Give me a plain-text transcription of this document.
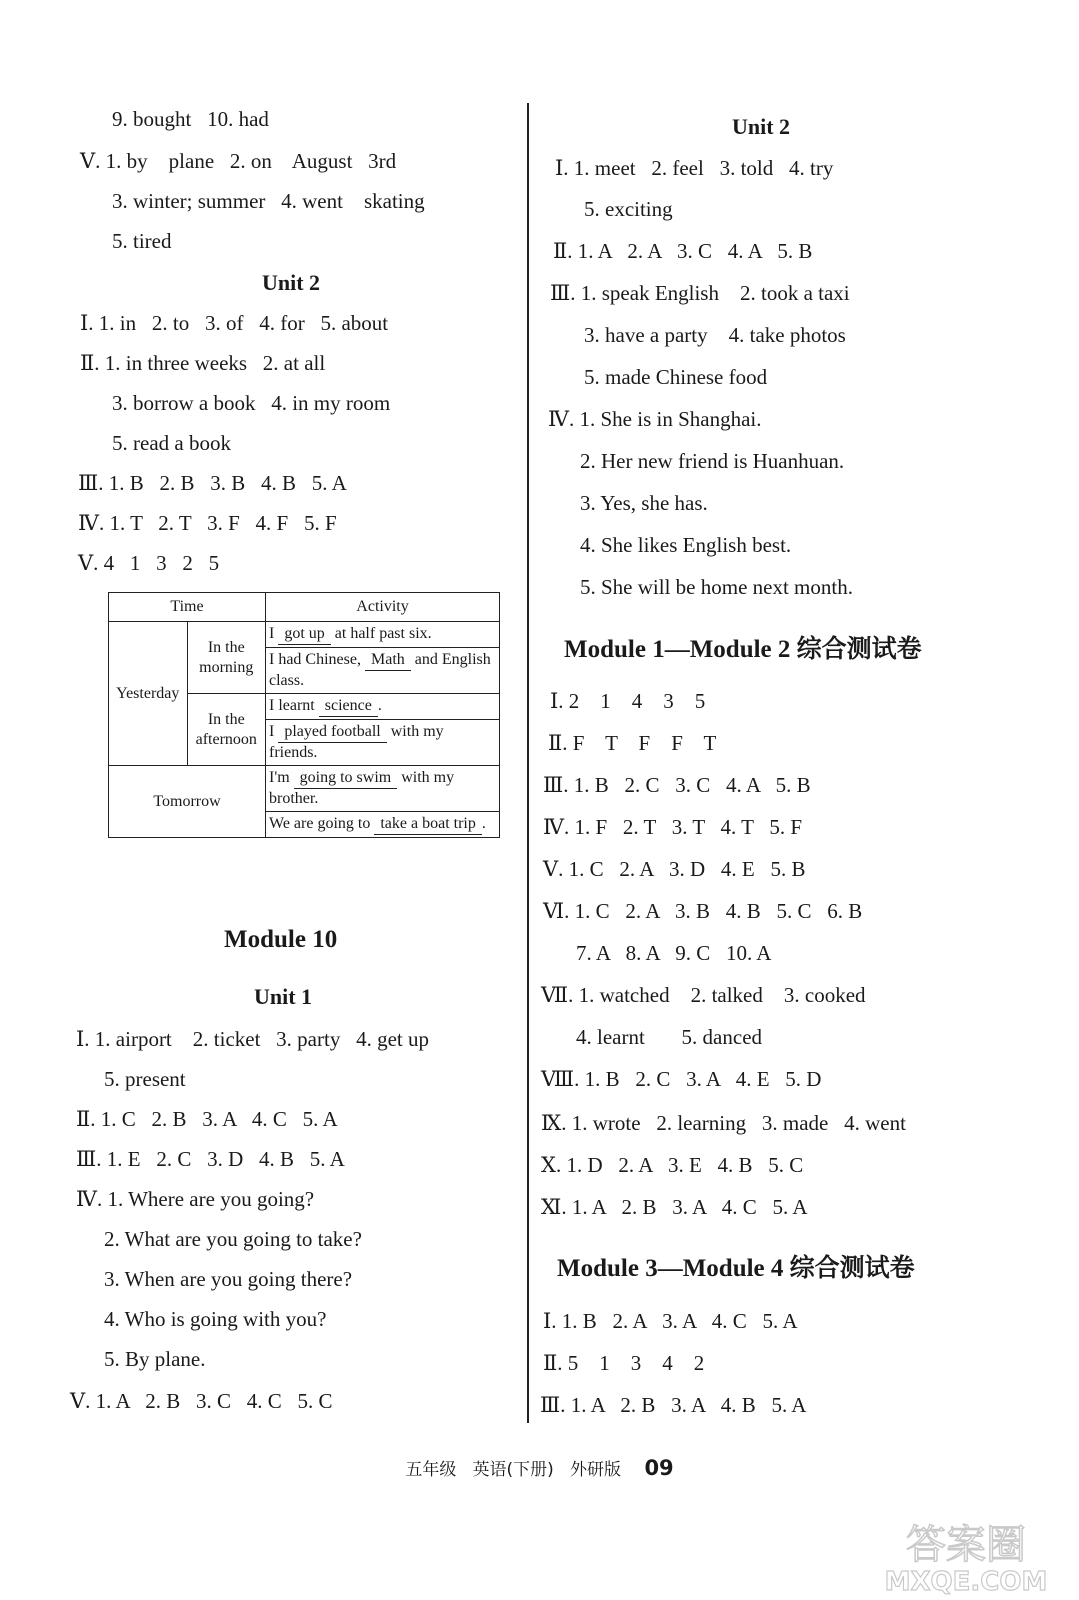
9. bought   10. had
Ⅴ. 1. by    plane   2. on    August   3rd
3. winter; summer   4. went    skating
5. tired
Unit 2
Ⅰ. 1. in   2. to   3. of   4. for   5. about
Ⅱ. 1. in three weeks   2. at all
3. borrow a book   4. in my room
5. read a book
Ⅲ. 1. B   2. B   3. B   4. B   5. A
Ⅳ. 1. T   2. T   3. F   4. F   5. F
Ⅴ. 4   1   3   2   5
Time		Activity
Yesterday	In the morning	I got up at half past six.
		I had Chinese, Math and English class.
	In the afternoon	I learnt science .
		I played football with my friends.
Tomorrow		I'm going to swim with my brother.
		We are going to take a boat trip .
Module 10
Unit 1
Ⅰ. 1. airport    2. ticket   3. party   4. get up
5. present
Ⅱ. 1. C   2. B   3. A   4. C   5. A
Ⅲ. 1. E   2. C   3. D   4. B   5. A
Ⅳ. 1. Where are you going?
2. What are you going to take?
3. When are you going there?
4. Who is going with you?
5. By plane.
Ⅴ. 1. A   2. B   3. C   4. C   5. C
Unit 2
Ⅰ. 1. meet   2. feel   3. told   4. try
5. exciting
Ⅱ. 1. A   2. A   3. C   4. A   5. B
Ⅲ. 1. speak English    2. took a taxi
3. have a party    4. take photos
5. made Chinese food
Ⅳ. 1. She is in Shanghai.
2. Her new friend is Huanhuan.
3. Yes, she has.
4. She likes English best.
5. She will be home next month.
Module 1—Module 2 综合测试卷
Ⅰ. 2    1    4    3    5
Ⅱ. F    T    F    F    T
Ⅲ. 1. B   2. C   3. C   4. A   5. B
Ⅳ. 1. F   2. T   3. T   4. T   5. F
Ⅴ. 1. C   2. A   3. D   4. E   5. B
Ⅵ. 1. C   2. A   3. B   4. B   5. C   6. B
7. A   8. A   9. C   10. A
Ⅶ. 1. watched    2. talked    3. cooked
4. learnt       5. danced
Ⅷ. 1. B   2. C   3. A   4. E   5. D
Ⅸ. 1. wrote   2. learning   3. made   4. went
Ⅹ. 1. D   2. A   3. E   4. B   5. C
Ⅺ. 1. A   2. B   3. A   4. C   5. A
Module 3—Module 4 综合测试卷
Ⅰ. 1. B   2. A   3. A   4. C   5. A
Ⅱ. 5    1    3    4    2
Ⅲ. 1. A   2. B   3. A   4. B   5. A
五年级 英语(下册) 外研版 09
答案圈
MXQE.COM
